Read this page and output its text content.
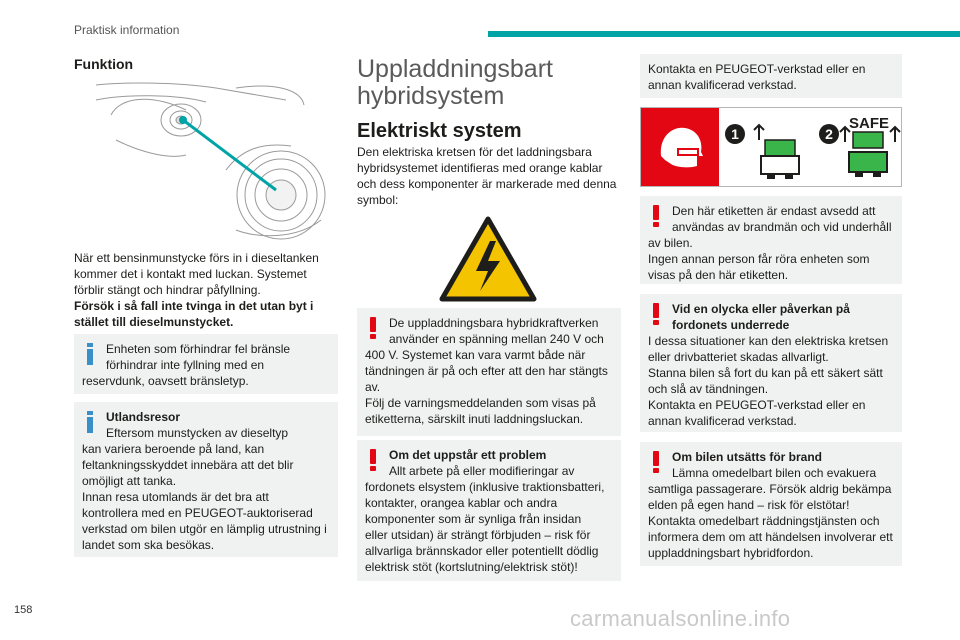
Praktisk information
Funktion
När ett bensinmunstycke förs in i dieseltanken
kommer det i kontakt med luckan. Systemet
förblir stängt och hindrar påfyllning.
Försök i så fall inte tvinga in det utan byt i
stället till dieselmunstycket.
Enheten som förhindrar fel bränsle
förhindrar inte fyllning med en
reservdunk, oavsett bränsletyp.
Utlandsresor
Eftersom munstycken av dieseltyp
kan variera beroende på land, kan
feltankningsskyddet innebära att det blir
omöjligt att tanka.
Innan resa utomlands är det bra att
kontrollera med en PEUGEOT-auktoriserad
verkstad om bilen utgör en lämplig utrustning i
landet som ska besökas.
Uppladdningsbart
hybridsystem
Elektriskt system
Den elektriska kretsen för det laddningsbara
hybridsystemet identifieras med orange kablar
och dess komponenter är markerade med denna
symbol:
De uppladdningsbara hybridkraftverken
använder en spänning mellan 240 V och
400 V. Systemet kan vara varmt både när
tändningen är på och efter att den har stängts
av.
Följ de varningsmeddelanden som visas på
etiketterna, särskilt inuti laddningsluckan.
Om det uppstår ett problem
Allt arbete på eller modifieringar av
fordonets elsystem (inklusive traktionsbatteri,
kontakter, orangea kablar och andra
komponenter som är synliga från insidan
eller utsidan) är strängt förbjuden – risk för
allvarliga brännskador eller potentiellt dödlig
elektrisk stöt (kortslutning/elektrisk stöt)!
Kontakta en PEUGEOT-verkstad eller en
annan kvalificerad verkstad.
1	2
SAFE
Den här etiketten är endast avsedd att
användas av brandmän och vid underhåll
av bilen.
Ingen annan person får röra enheten som
visas på den här etiketten.
Vid en olycka eller påverkan på
fordonets underrede
I dessa situationer kan den elektriska kretsen
eller drivbatteriet skadas allvarligt.
Stanna bilen så fort du kan på ett säkert sätt
och slå av tändningen.
Kontakta en PEUGEOT-verkstad eller en
annan kvalificerad verkstad.
Om bilen utsätts för brand
Lämna omedelbart bilen och evakuera
samtliga passagerare. Försök aldrig bekämpa
elden på egen hand – risk för elstötar!
Kontakta omedelbart räddningstjänsten och
informera dem om att händelsen involverar ett
uppladdningsbart hybridfordon.
158	carmanualsonline.info
